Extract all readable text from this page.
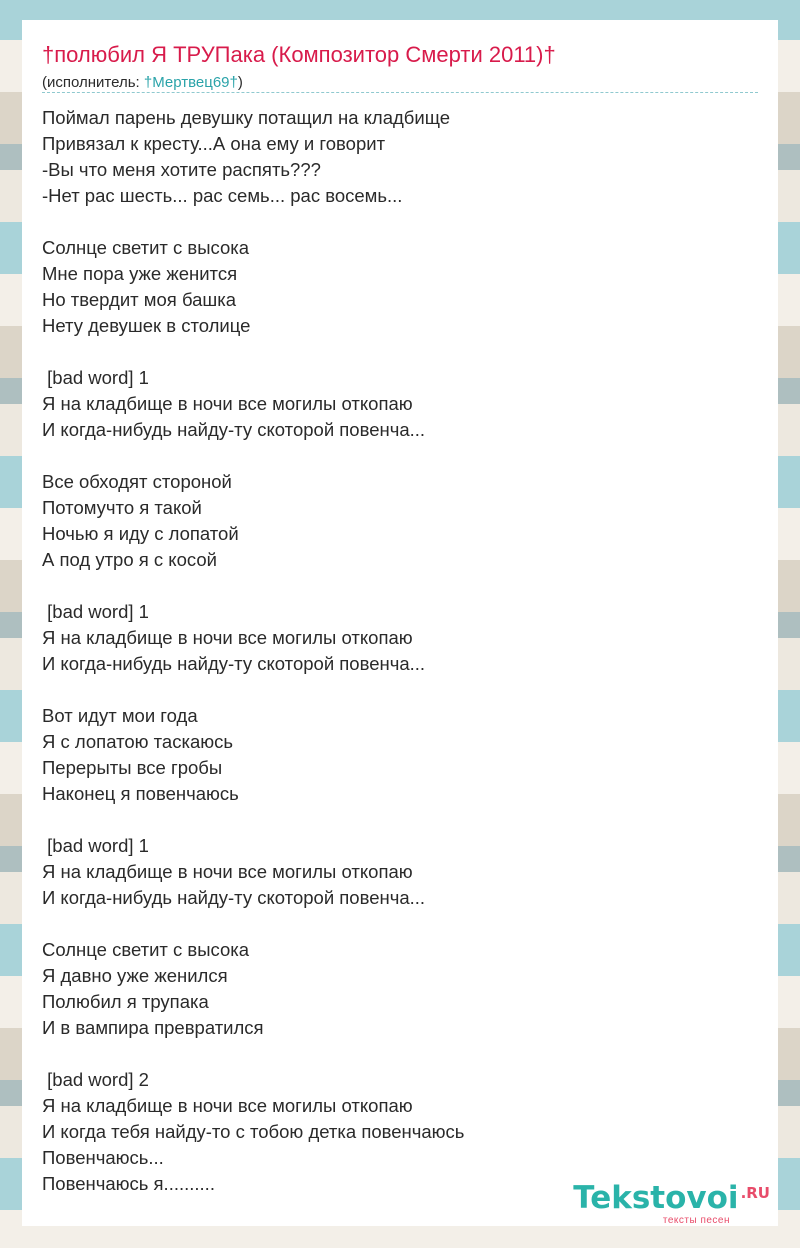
†полюбил Я ТРУПака (Композитор Смерти 2011)†
(исполнитель: †Мертвец69†)
Поймал парень девушку потащил на кладбище
Привязал к кресту...А она ему и говорит
-Вы что меня хотите распять???
-Нет рас шесть... рас семь... рас восемь...
Солнце светит с высока
Мне пора уже женится
Но твердит моя башка
Нету девушек в столице
[bad word] 1
Я на кладбище в ночи все могилы откопаю
И когда-нибудь найду-ту скоторой повенча...
Все обходят стороной
Потомучто я такой
Ночью я иду с лопатой
А под утро я с косой
[bad word] 1
Я на кладбище в ночи все могилы откопаю
И когда-нибудь найду-ту скоторой повенча...
Вот идут мои года
Я с лопатою таскаюсь
Перерыты все гробы
Наконец я повенчаюсь
[bad word] 1
Я на кладбище в ночи все могилы откопаю
И когда-нибудь найду-ту скоторой повенча...
Солнце светит с высока
Я давно уже женился
Полюбил я трупака
И в вампира превратился
[bad word] 2
Я на кладбище в ночи все могилы откопаю
И когда тебя найду-то с тобою детка повенчаюсь
Повенчаюсь...
Повенчаюсь я..........	Tekstovoi $^{.RU}$
тексты песен
